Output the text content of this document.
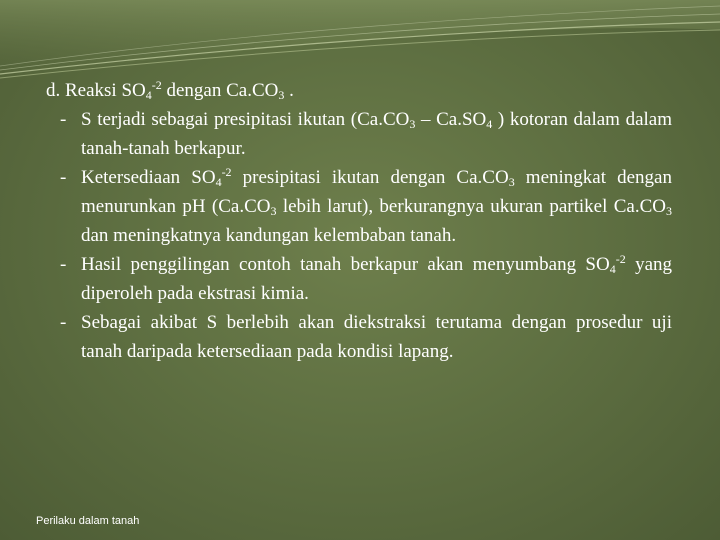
d. Reaksi $SO_4^{-2}$ dengan $Ca.CO_3$ .

- S terjadi sebagai presipitasi ikutan ($Ca.CO_3 - Ca.SO_4$ ) kotoran dalam dalam tanah-tanah berkapur.

- Ketersediaan $SO_4^{-2}$ presipitasi ikutan dengan $Ca.CO_3$ meningkat dengan menurunkan pH ($Ca.CO_3$ lebih larut), berkurangnya ukuran partikel $Ca.CO_3$ dan meningkatnya kandungan kelembaban tanah.

- Hasil penggilingan contoh tanah berkapur akan menyumbang $SO_4^{-2}$ yang diperoleh pada ekstrasi kimia.

- Sebagai akibat S berlebih akan diekstraksi terutama dengan prosedur uji tanah daripada ketersediaan pada kondisi lapang.

Perilaku dalam tanah
